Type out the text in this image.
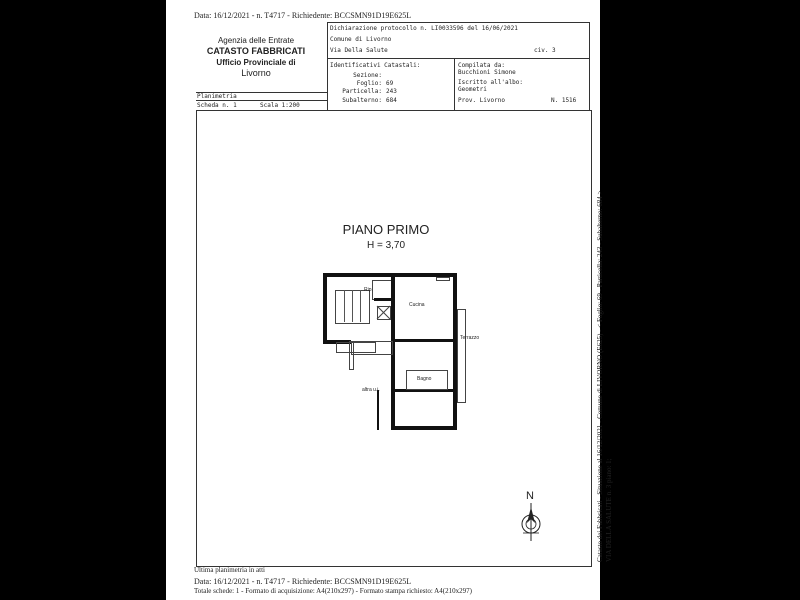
Data: 16/12/2021 - n. T4717 - Richiedente: BCCSMN91D19E625L
Agenzia delle Entrate
CATASTO FABBRICATI
Ufficio Provinciale di
Livorno
Dichiarazione protocollo n. LI0033596 del 16/06/2021
Comune di Livorno
Via Della Salute	civ. 3
Identificativi Catastali:
Sezione:
Foglio: 69
Particella: 243
Subalterno: 684
Compilata da:
Bucchioni Simone
Iscritto all'albo:
Geometri
Prov. Livorno	N. 1516
Planimetria
Scheda n. 1	Scala 1:200
PIANO PRIMO
H = 3,70
Rip.
Cucina
Bagno
Terrazzo
altra u.i.
N	Catasto dei Fabbricati - Situazione al 16/12/2021 - Comune di LIVORNO (E625) - < Foglio: 69 - Particella: 243 - Subalterno: 684 > VIA DELLA SALUTE n. 3 piano: 1;
Ultima planimetria in atti
Data: 16/12/2021 - n. T4717 - Richiedente: BCCSMN91D19E625L
Totale schede: 1 - Formato di acquisizione: A4(210x297) - Formato stampa richiesto: A4(210x297)
